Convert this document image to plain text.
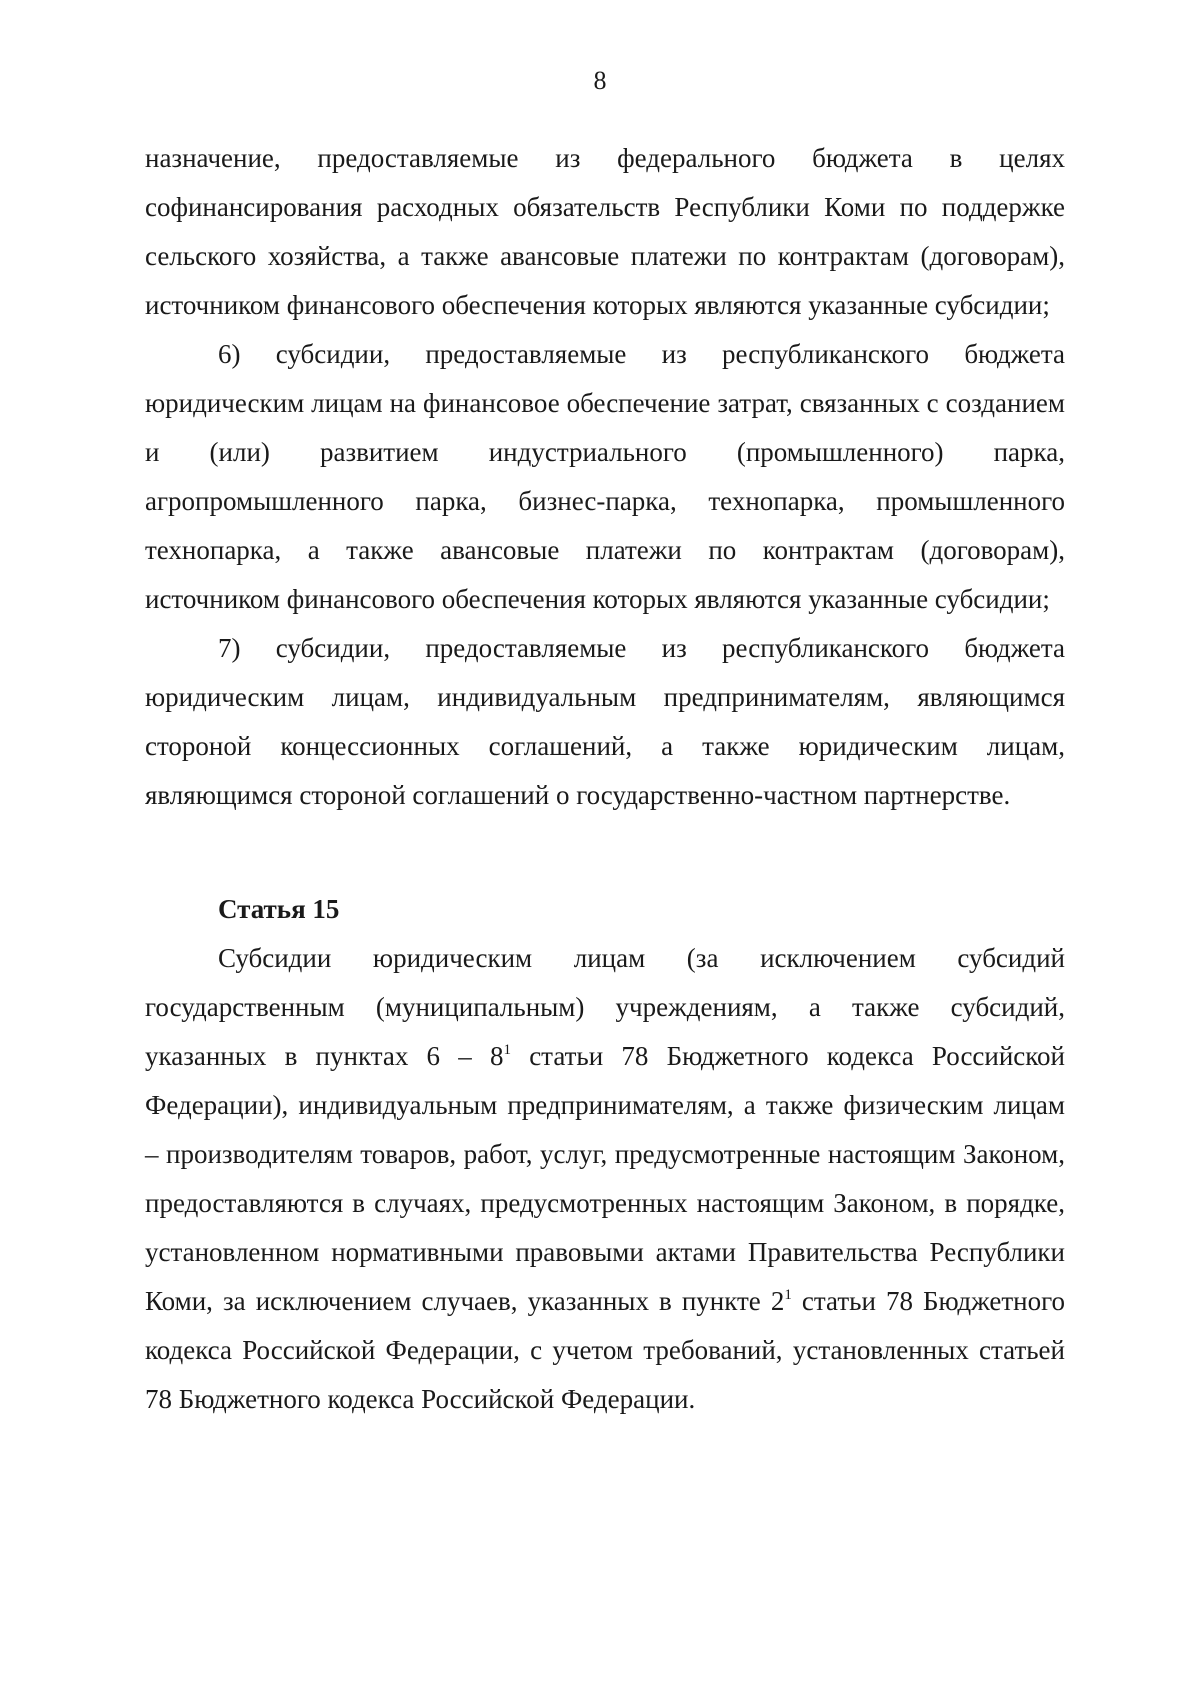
8

назначение, предоставляемые из федерального бюджета в целях софинансирования расходных обязательств Республики Коми по поддержке сельского хозяйства, а также авансовые платежи по контрактам (договорам), источником финансового обеспечения которых являются указанные субсидии;

6) субсидии, предоставляемые из республиканского бюджета юридическим лицам на финансовое обеспечение затрат, связанных с созданием и (или) развитием индустриального (промышленного) парка, агропромышленного парка, бизнес-парка, технопарка, промышленного технопарка, а также авансовые платежи по контрактам (договорам), источником финансового обеспечения которых являются указанные субсидии;

7) субсидии, предоставляемые из республиканского бюджета юридическим лицам, индивидуальным предпринимателям, являющимся стороной концессионных соглашений, а также юридическим лицам, являющимся стороной соглашений о государственно-частном партнерстве.

Статья 15

Субсидии юридическим лицам (за исключением субсидий государственным (муниципальным) учреждениям, а также субсидий, указанных в пунктах $6 - 8^1$ статьи 78 Бюджетного кодекса Российской Федерации), индивидуальным предпринимателям, а также физическим лицам – производителям товаров, работ, услуг, предусмотренные настоящим Законом, предоставляются в случаях, предусмотренных настоящим Законом, в порядке, установленном нормативными правовыми актами Правительства Республики Коми, за исключением случаев, указанных в пункте $2^1$ статьи 78 Бюджетного кодекса Российской Федерации, с учетом требований, установленных статьей 78 Бюджетного кодекса Российской Федерации.
